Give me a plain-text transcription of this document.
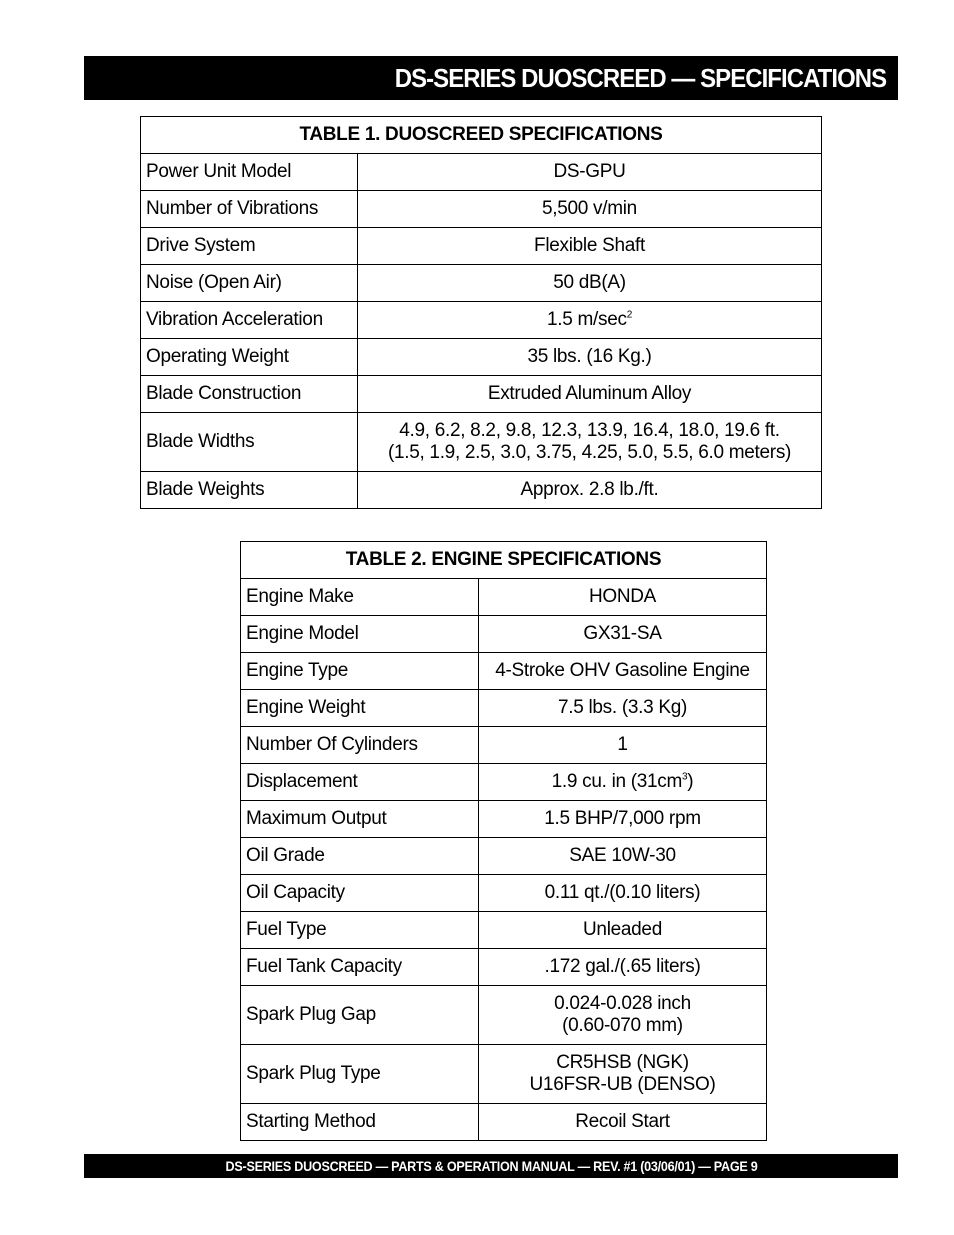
DS-SERIES DUOSCREED — SPECIFICATIONS
TABLE 1. DUOSCREED SPECIFICATIONS	
Power Unit Model	DS-GPU
Number of Vibrations	5,500 v/min
Drive System	Flexible Shaft
Noise (Open Air)	50 dB(A)
Vibration Acceleration	1.5 $m/\sec^2$
Operating Weight	35 lbs. (16 Kg.)
Blade Construction	Extruded Aluminum Alloy
Blade Widths	4.9, 6.2, 8.2, 9.8, 12.3, 13.9, 16.4, 18.0, 19.6 ft.
(1.5, 1.9, 2.5, 3.0, 3.75, 4.25, 5.0, 5.5, 6.0 meters)
Blade Weights	Approx. 2.8 lb./ft.
TABLE 2. ENGINE SPECIFICATIONS	
Engine Make	HONDA
Engine Model	GX31-SA
Engine Type	4-Stroke OHV Gasoline Engine
Engine Weight	7.5 lbs. (3.3 Kg)
Number Of Cylinders	1
Displacement	1.9 cu. in $(31cm^3)$
Maximum Output	1.5 BHP/7,000 rpm
Oil Grade	SAE 10W-30
Oil Capacity	0.11 qt./(0.10 liters)
Fuel Type	Unleaded
Fuel Tank Capacity	.172 gal./(.65 liters)
Spark Plug Gap	0.024-0.028 inch
(0.60-070 mm)
Spark Plug Type	CR5HSB (NGK)
U16FSR-UB (DENSO)
Starting Method	Recoil Start
DS-SERIES DUOSCREED — PARTS & OPERATION MANUAL — REV. #1 (03/06/01) — PAGE 9
